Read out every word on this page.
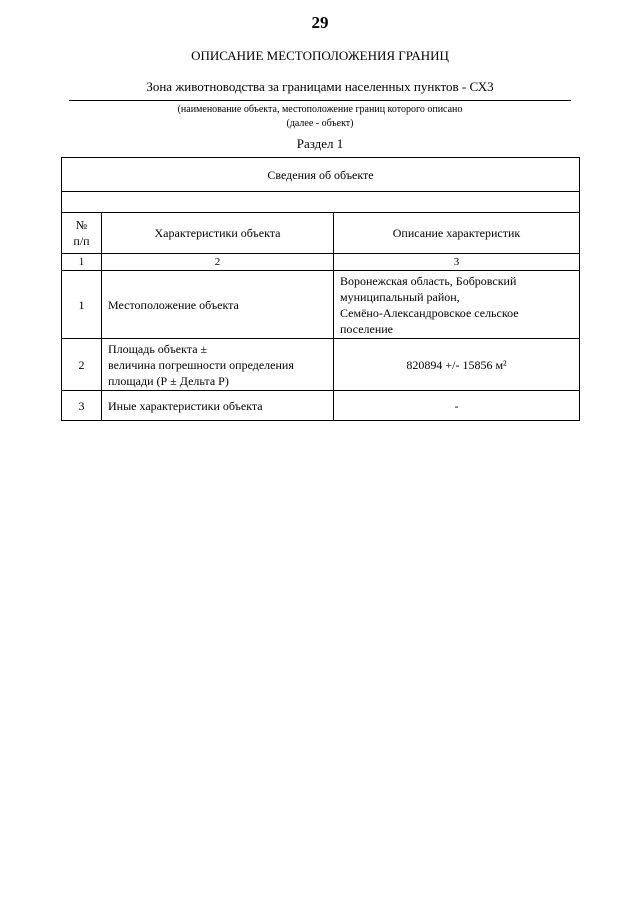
29
ОПИСАНИЕ МЕСТОПОЛОЖЕНИЯ ГРАНИЦ
Зона животноводства за границами населенных пунктов - СХ3
(наименование объекта, местоположение границ которого описано
(далее - объект)
Раздел 1
Сведения об объекте		

№
п/п	Характеристики объекта	Описание характеристик
1	2	3
1	Местоположение объекта	Воронежская область, Бобровский
муниципальный район,
Семёно-Александровское сельское
поселение
2	Площадь объекта ±
величина погрешности определения
площади (Р ± Дельта Р)	820894 +/- 15856 м²
3	Иные характеристики объекта	-
